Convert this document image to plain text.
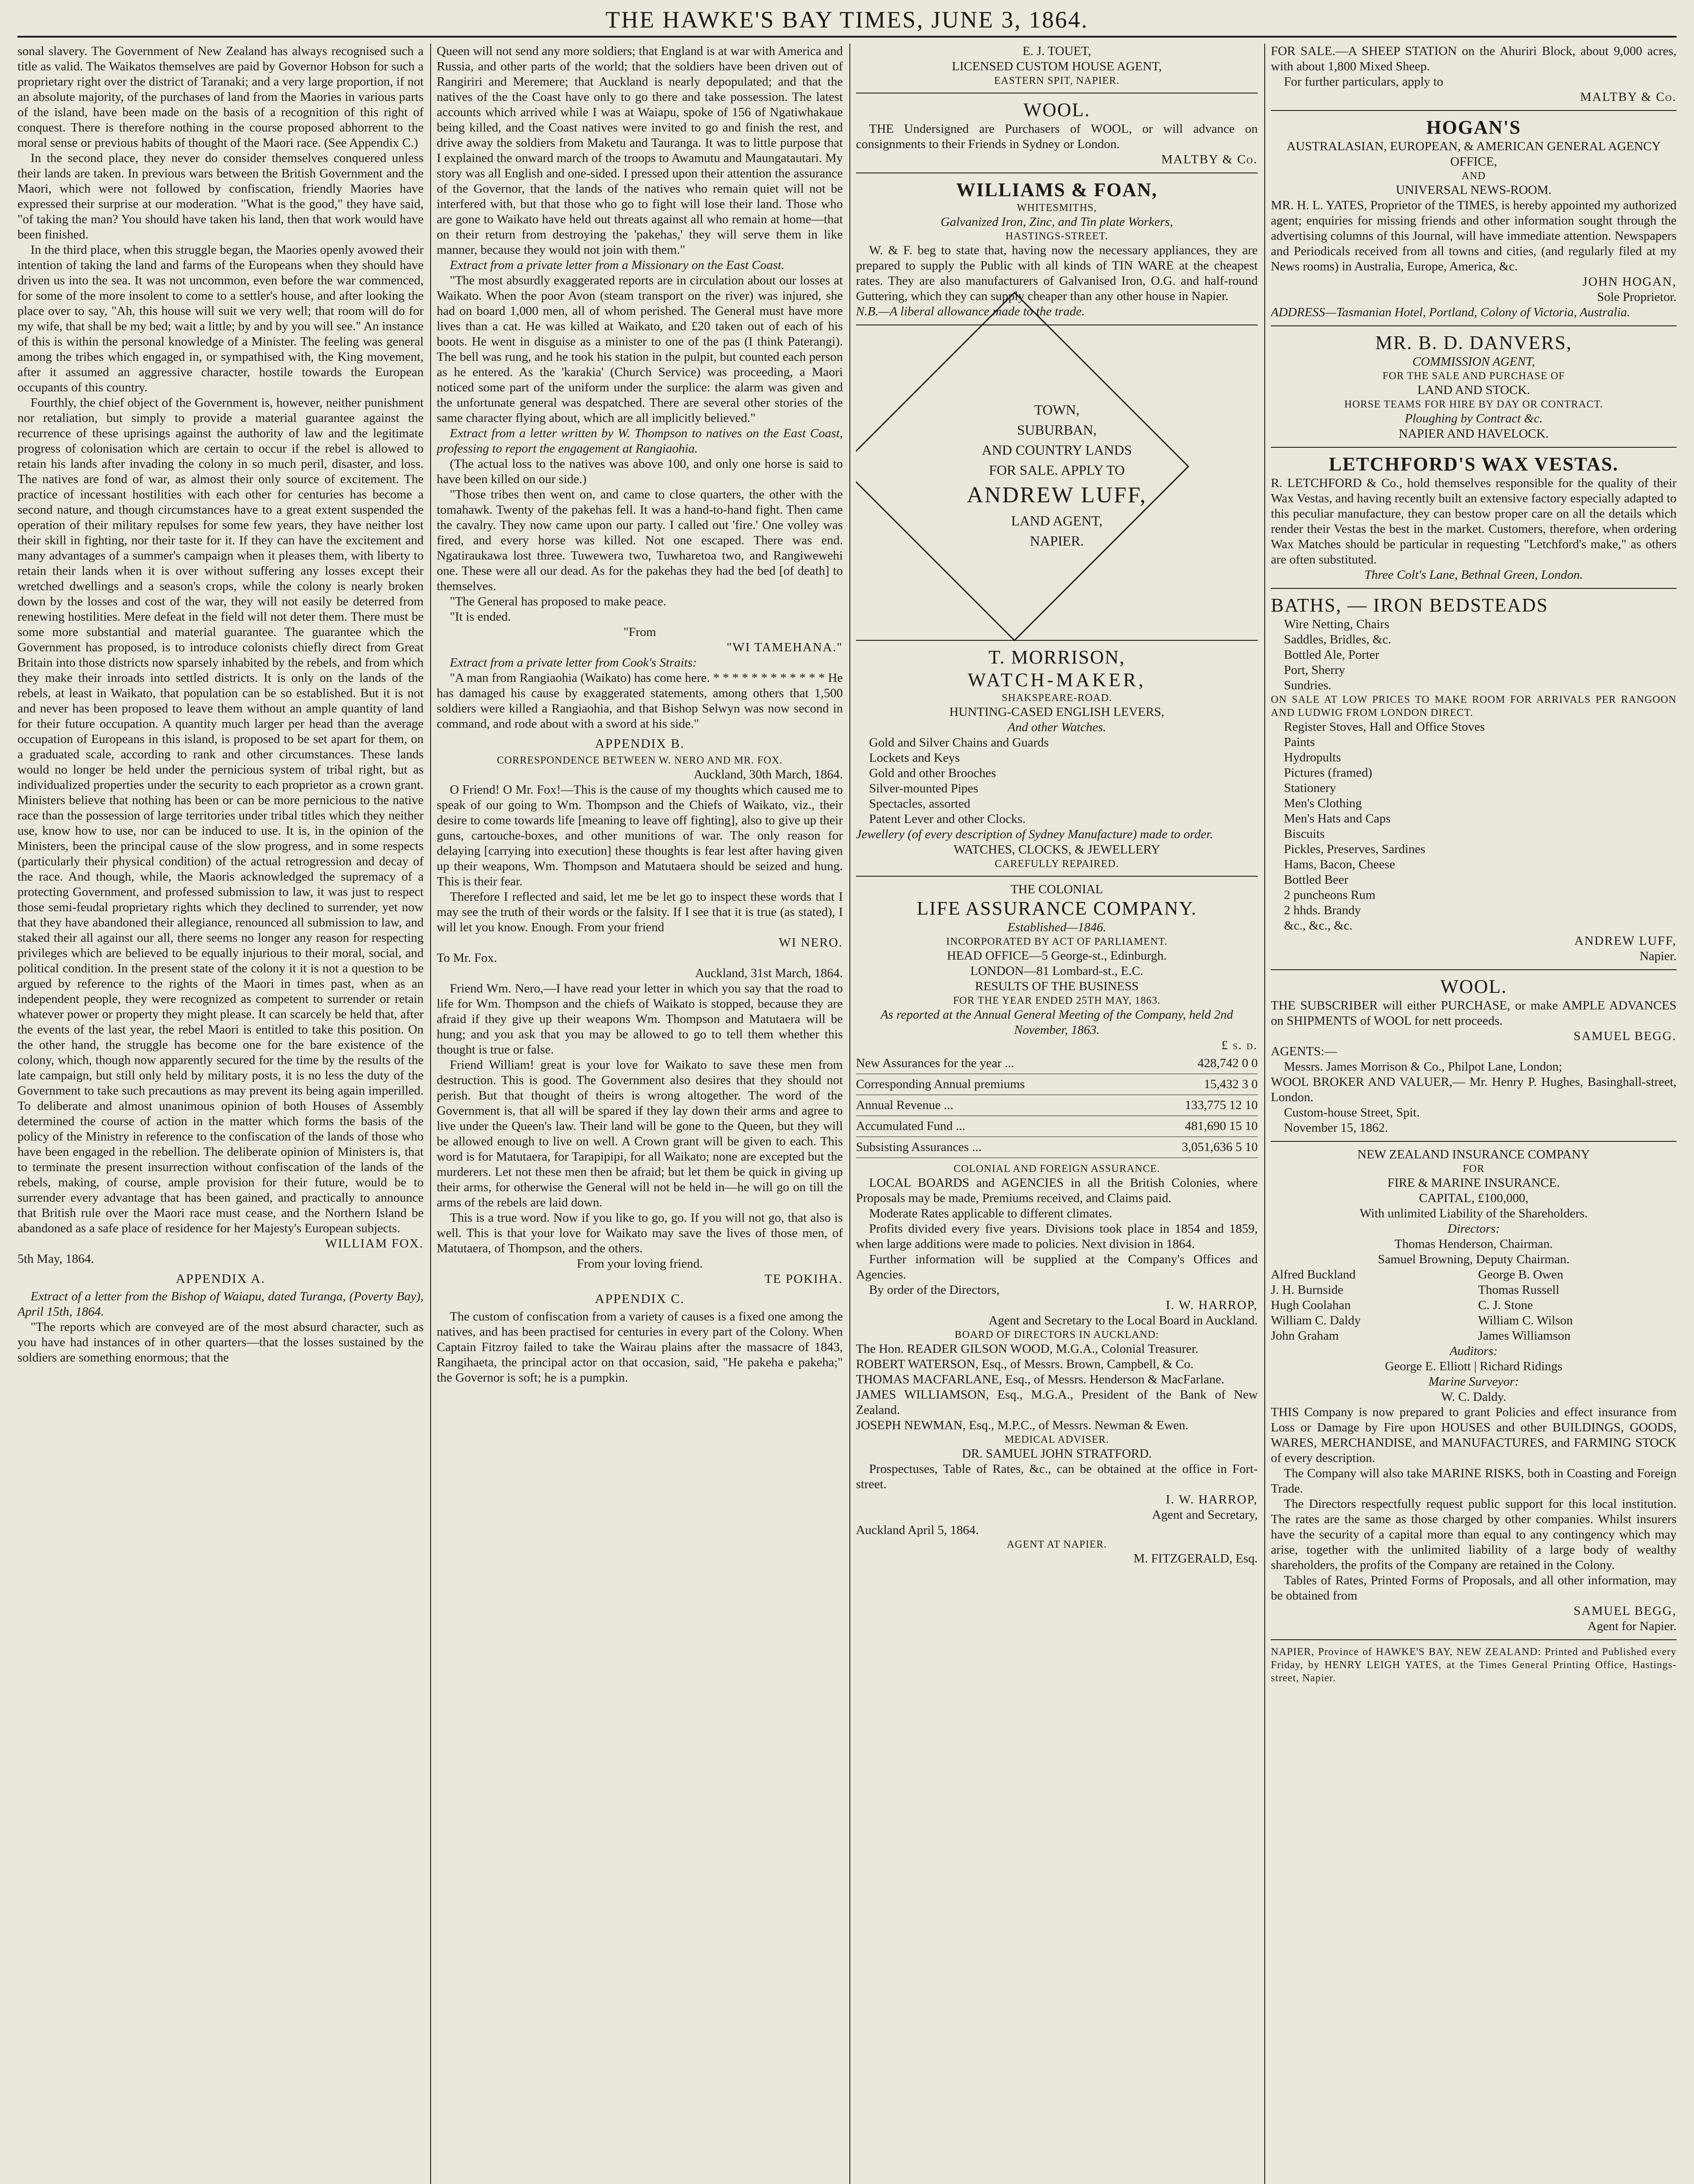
THE HAWKE'S BAY TIMES, JUNE 3, 1864.

sonal slavery. The Government of New Zealand has always recognised such a title as valid. The Waikatos themselves are paid by Governor Hobson for such a proprietary right over the district of Taranaki; and a very large proportion, if not an absolute majority, of the purchases of land from the Maories in various parts of the island, have been made on the basis of a recognition of this right of conquest. There is therefore nothing in the course proposed abhorrent to the moral sense or previous habits of thought of the Maori race. (See Appendix C.)

In the second place, they never do consider themselves conquered unless their lands are taken. In previous wars between the British Government and the Maori, which were not followed by confiscation, friendly Maories have expressed their surprise at our moderation. "What is the good," they have said, "of taking the man? You should have taken his land, then that work would have been finished.

In the third place, when this struggle began, the Maories openly avowed their intention of taking the land and farms of the Europeans when they should have driven us into the sea. It was not uncommon, even before the war commenced, for some of the more insolent to come to a settler's house, and after looking the place over to say, "Ah, this house will suit we very well; that room will do for my wife, that shall be my bed; wait a little; by and by you will see." An instance of this is within the personal knowledge of a Minister. The feeling was general among the tribes which engaged in, or sympathised with, the King movement, after it assumed an aggressive character, hostile towards the European occupants of this country.

Fourthly, the chief object of the Government is, however, neither punishment nor retaliation, but simply to provide a material guarantee against the recurrence of these uprisings against the authority of law and the legitimate progress of colonisation which are certain to occur if the rebel is allowed to retain his lands after invading the colony in so much peril, disaster, and loss. The natives are fond of war, as almost their only source of excitement. The practice of incessant hostilities with each other for centuries has become a second nature, and though circumstances have to a great extent suspended the operation of their military repulses for some few years, they have neither lost their skill in fighting, nor their taste for it. If they can have the excitement and many advantages of a summer's campaign when it pleases them, with liberty to retain their lands when it is over without suffering any losses except their wretched dwellings and a season's crops, while the colony is nearly broken down by the losses and cost of the war, they will not easily be deterred from renewing hostilities. Mere defeat in the field will not deter them. There must be some more substantial and material guarantee. The guarantee which the Government has proposed, is to introduce colonists chiefly direct from Great Britain into those districts now sparsely inhabited by the rebels, and from which they make their inroads into settled districts. It is only on the lands of the rebels, at least in Waikato, that population can be so established. But it is not and never has been proposed to leave them without an ample quantity of land for their future occupation. A quantity much larger per head than the average occupation of Europeans in this island, is proposed to be set apart for them, on a graduated scale, according to rank and other circumstances. These lands would no longer be held under the pernicious system of tribal right, but as individualized properties under the security to each proprietor as a crown grant. Ministers believe that nothing has been or can be more pernicious to the native race than the possession of large territories under tribal titles which they neither use, know how to use, nor can be induced to use. It is, in the opinion of the Ministers, been the principal cause of the slow progress, and in some respects (particularly their physical condition) of the actual retrogression and decay of the race. And though, while, the Maoris acknowledged the supremacy of a protecting Government, and professed submission to law, it was just to respect those semi-feudal proprietary rights which they declined to surrender, yet now that they have abandoned their allegiance, renounced all submission to law, and staked their all against our all, there seems no longer any reason for respecting privileges which are believed to be equally injurious to their moral, social, and political condition. In the present state of the colony it it is not a question to be argued by reference to the rights of the Maori in times past, when as an independent people, they were recognized as competent to surrender or retain whatever power or property they might please. It can scarcely be held that, after the events of the last year, the rebel Maori is entitled to take this position. On the other hand, the struggle has become one for the bare existence of the colony, which, though now apparently secured for the time by the results of the late campaign, but still only held by military posts, it is no less the duty of the Government to take such precautions as may prevent its being again imperilled. To deliberate and almost unanimous opinion of both Houses of Assembly determined the course of action in the matter which forms the basis of the policy of the Ministry in reference to the confiscation of the lands of those who have been engaged in the rebellion. The deliberate opinion of Ministers is, that to terminate the present insurrection without confiscation of the lands of the rebels, making, of course, ample provision for their future, would be to surrender every advantage that has been gained, and practically to announce that British rule over the Maori race must cease, and the Northern Island be abandoned as a safe place of residence for her Majesty's European subjects.

WILLIAM FOX.

5th May, 1864.

APPENDIX A.

Extract of a letter from the Bishop of Waiapu, dated Turanga, (Poverty Bay), April 15th, 1864.

"The reports which are conveyed are of the most absurd character, such as you have had instances of in other quarters—that the losses sustained by the soldiers are something enormous; that the

Queen will not send any more soldiers; that England is at war with America and Russia, and other parts of the world; that the soldiers have been driven out of Rangiriri and Meremere; that Auckland is nearly depopulated; and that the natives of the the Coast have only to go there and take possession. The latest accounts which arrived while I was at Waiapu, spoke of 156 of Ngatiwhakaue being killed, and the Coast natives were invited to go and finish the rest, and drive away the soldiers from Maketu and Tauranga. It was to little purpose that I explained the onward march of the troops to Awamutu and Maungatautari. My story was all English and one-sided. I pressed upon their attention the assurance of the Governor, that the lands of the natives who remain quiet will not be interfered with, but that those who go to fight will lose their land. Those who are gone to Waikato have held out threats against all who remain at home—that on their return from destroying the 'pakehas,' they will serve them in like manner, because they would not join with them."

Extract from a private letter from a Missionary on the East Coast.

"The most absurdly exaggerated reports are in circulation about our losses at Waikato. When the poor Avon (steam transport on the river) was injured, she had on board 1,000 men, all of whom perished. The General must have more lives than a cat. He was killed at Waikato, and £20 taken out of each of his boots. He went in disguise as a minister to one of the pas (I think Paterangi). The bell was rung, and he took his station in the pulpit, but counted each person as he entered. As the 'karakia' (Church Service) was proceeding, a Maori noticed some part of the uniform under the surplice: the alarm was given and the unfortunate general was despatched. There are several other stories of the same character flying about, which are all implicitly believed."

Extract from a letter written by W. Thompson to natives on the East Coast, professing to report the engagement at Rangiaohia.

(The actual loss to the natives was above 100, and only one horse is said to have been killed on our side.)

"Those tribes then went on, and came to close quarters, the other with the tomahawk. Twenty of the pakehas fell. It was a hand-to-hand fight. Then came the cavalry. They now came upon our party. I called out 'fire.' One volley was fired, and every horse was killed. Not one escaped. There was end. Ngatiraukawa lost three. Tuwewera two, Tuwharetoa two, and Rangiwewehi one. These were all our dead. As for the pakehas they had the bed [of death] to themselves.

"The General has proposed to make peace.

"It is ended.

"From
"WI TAMEHANA."

Extract from a private letter from Cook's Straits:

"A man from Rangiaohia (Waikato) has come here. * * * * * * * * * * * * He has damaged his cause by exaggerated statements, among others that 1,500 soldiers were killed a Rangiaohia, and that Bishop Selwyn was now second in command, and rode about with a sword at his side."

APPENDIX B.
CORRESPONDENCE BETWEEN W. NERO AND MR. FOX.
Auckland, 30th March, 1864.

O Friend! O Mr. Fox!—This is the cause of my thoughts which caused me to speak of our going to Wm. Thompson and the Chiefs of Waikato, viz., their desire to come towards life [meaning to leave off fighting], also to give up their guns, cartouche-boxes, and other munitions of war. The only reason for delaying [carrying into execution] these thoughts is fear lest after having given up their weapons, Wm. Thompson and Matutaera should be seized and hung. This is their fear.

Therefore I reflected and said, let me be let go to inspect these words that I may see the truth of their words or the falsity. If I see that it is true (as stated), I will let you know. Enough. From your friend

WI NERO.

To Mr. Fox.

Auckland, 31st March, 1864.

Friend Wm. Nero,—I have read your letter in which you say that the road to life for Wm. Thompson and the chiefs of Waikato is stopped, because they are afraid if they give up their weapons Wm. Thompson and Matutaera will be hung; and you ask that you may be allowed to go to tell them whether this thought is true or false.

Friend William! great is your love for Waikato to save these men from destruction. This is good. The Government also desires that they should not perish. But that thought of theirs is wrong altogether. The word of the Government is, that all will be spared if they lay down their arms and agree to live under the Queen's law. Their land will be gone to the Queen, but they will be allowed enough to live on well. A Crown grant will be given to each. This word is for Matutaera, for Tarapipipi, for all Waikato; none are excepted but the murderers. Let not these men then be afraid; but let them be quick in giving up their arms, for otherwise the General will not be held in—he will go on till the arms of the rebels are laid down.

This is a true word. Now if you like to go, go. If you will not go, that also is well. This is that your love for Waikato may save the lives of those men, of Matutaera, of Thompson, and the others.

From your loving friend.
TE POKIHA.
APPENDIX C.

The custom of confiscation from a variety of causes is a fixed one among the natives, and has been practised for centuries in every part of the Colony. When Captain Fitzroy failed to take the Wairau plains after the massacre of 1843, Rangihaeta, the principal actor on that occasion, said, "He pakeha e pakeha;" the Governor is soft; he is a pumpkin.

E. J. TOUET,
LICENSED CUSTOM HOUSE AGENT,
EASTERN SPIT, NAPIER.
WOOL.

THE Undersigned are Purchasers of WOOL, or will advance on consignments to their Friends in Sydney or London.

MALTBY & Co.
WILLIAMS & FOAN,
WHITESMITHS,
Galvanized Iron, Zinc, and Tin plate Workers,
HASTINGS-STREET.

W. & F. beg to state that, having now the necessary appliances, they are prepared to supply the Public with all kinds of TIN WARE at the cheapest rates. They are also manufacturers of Galvanised Iron, O.G. and half-round Guttering, which they can supply cheaper than any other house in Napier.

N.B.—A liberal allowance made to the trade.

TOWN,
SUBURBAN,
AND COUNTRY LANDS
FOR SALE. APPLY TO
ANDREW LUFF,
LAND AGENT,
NAPIER.
T. MORRISON,
WATCH-MAKER,
SHAKSPEARE-ROAD.
HUNTING-CASED ENGLISH LEVERS,
And other Watches.
Gold and Silver Chains and Guards
Lockets and Keys
Gold and other Brooches
Silver-mounted Pipes
Spectacles, assorted
Patent Lever and other Clocks.

Jewellery (of every description of Sydney Manufacture) made to order.

WATCHES, CLOCKS, & JEWELLERY
CAREFULLY REPAIRED.
THE COLONIAL
LIFE ASSURANCE COMPANY.
Established—1846.
INCORPORATED BY ACT OF PARLIAMENT.
HEAD OFFICE—5 George-st., Edinburgh.
LONDON—81 Lombard-st., E.C.
RESULTS OF THE BUSINESS
FOR THE YEAR ENDED 25TH MAY, 1863.

As reported at the Annual General Meeting of the Company, held 2nd November, 1863.

£ s. d.
New Assurances for the year ...	428,742 0 0
Corresponding Annual premiums	15,432 3 0
Annual Revenue ...	133,775 12 10
Accumulated Fund ...	481,690 15 10
Subsisting Assurances ...	3,051,636 5 10
COLONIAL AND FOREIGN ASSURANCE.

LOCAL BOARDS and AGENCIES in all the British Colonies, where Proposals may be made, Premiums received, and Claims paid.

Moderate Rates applicable to different climates.

Profits divided every five years. Divisions took place in 1854 and 1859, when large additions were made to policies. Next division in 1864.

Further information will be supplied at the Company's Offices and Agencies.

By order of the Directors,

I. W. HARROP,
Agent and Secretary to the Local Board in Auckland.
BOARD OF DIRECTORS IN AUCKLAND:

The Hon. READER GILSON WOOD, M.G.A., Colonial Treasurer.

ROBERT WATERSON, Esq., of Messrs. Brown, Campbell, & Co.

THOMAS MACFARLANE, Esq., of Messrs. Henderson & MacFarlane.

JAMES WILLIAMSON, Esq., M.G.A., President of the Bank of New Zealand.

JOSEPH NEWMAN, Esq., M.P.C., of Messrs. Newman & Ewen.

MEDICAL ADVISER.
DR. SAMUEL JOHN STRATFORD.

Prospectuses, Table of Rates, &c., can be obtained at the office in Fort-street.

I. W. HARROP,
Agent and Secretary,

Auckland April 5, 1864.

AGENT AT NAPIER.
M. FITZGERALD, Esq.

FOR SALE.—A SHEEP STATION on the Ahuriri Block, about 9,000 acres, with about 1,800 Mixed Sheep.

For further particulars, apply to

MALTBY & Co.
HOGAN'S
AUSTRALASIAN, EUROPEAN, & AMERICAN GENERAL AGENCY OFFICE,
AND
UNIVERSAL NEWS-ROOM.

MR. H. L. YATES, Proprietor of the TIMES, is hereby appointed my authorized agent; enquiries for missing friends and other information sought through the advertising columns of this Journal, will have immediate attention. Newspapers and Periodicals received from all towns and cities, (and regularly filed at my News rooms) in Australia, Europe, America, &c.

JOHN HOGAN,
Sole Proprietor.

ADDRESS—Tasmanian Hotel, Portland, Colony of Victoria, Australia.

MR. B. D. DANVERS,
COMMISSION AGENT,
FOR THE SALE AND PURCHASE OF
LAND AND STOCK.
HORSE TEAMS FOR HIRE BY DAY OR CONTRACT.
Ploughing by Contract &c.
NAPIER AND HAVELOCK.
LETCHFORD'S WAX VESTAS.

R. LETCHFORD & Co., hold themselves responsible for the quality of their Wax Vestas, and having recently built an extensive factory especially adapted to this peculiar manufacture, they can bestow proper care on all the details which render their Vestas the best in the market. Customers, therefore, when ordering Wax Matches should be particular in requesting "Letchford's make," as others are often substituted.

Three Colt's Lane, Bethnal Green, London.
BATHS, — IRON BEDSTEADS
Wire Netting, Chairs
Saddles, Bridles, &c.
Bottled Ale, Porter
Port, Sherry
Sundries.

ON SALE AT LOW PRICES TO MAKE ROOM FOR ARRIVALS PER RANGOON AND LUDWIG FROM LONDON DIRECT.

Register Stoves, Hall and Office Stoves
Paints
Hydropults
Pictures (framed)
Stationery
Men's Clothing
Men's Hats and Caps
Biscuits
Pickles, Preserves, Sardines
Hams, Bacon, Cheese
Bottled Beer
2 puncheons Rum
2 hhds. Brandy
&c., &c., &c.
ANDREW LUFF,
Napier.
WOOL.

THE SUBSCRIBER will either PURCHASE, or make AMPLE ADVANCES on SHIPMENTS of WOOL for nett proceeds.

SAMUEL BEGG.

AGENTS:—

Messrs. James Morrison & Co., Philpot Lane, London;

WOOL BROKER AND VALUER,— Mr. Henry P. Hughes, Basinghall-street, London.

Custom-house Street, Spit.

November 15, 1862.

NEW ZEALAND INSURANCE COMPANY
FOR
FIRE & MARINE INSURANCE.
CAPITAL, £100,000,
With unlimited Liability of the Shareholders.
Directors:
Thomas Henderson, Chairman.
Samuel Browning, Deputy Chairman.
Alfred Buckland	George B. Owen
J. H. Burnside	Thomas Russell
Hugh Coolahan	C. J. Stone
William C. Daldy	William C. Wilson
John Graham	James Williamson
Auditors:
George E. Elliott | Richard Ridings
Marine Surveyor:
W. C. Daldy.

THIS Company is now prepared to grant Policies and effect insurance from Loss or Damage by Fire upon HOUSES and other BUILDINGS, GOODS, WARES, MERCHANDISE, and MANUFACTURES, and FARMING STOCK of every description.

The Company will also take MARINE RISKS, both in Coasting and Foreign Trade.

The Directors respectfully request public support for this local institution. The rates are the same as those charged by other companies. Whilst insurers have the security of a capital more than equal to any contingency which may arise, together with the unlimited liability of a large body of wealthy shareholders, the profits of the Company are retained in the Colony.

Tables of Rates, Printed Forms of Proposals, and all other information, may be obtained from

SAMUEL BEGG,
Agent for Napier.

NAPIER, Province of HAWKE'S BAY, NEW ZEALAND: Printed and Published every Friday, by HENRY LEIGH YATES, at the Times General Printing Office, Hastings-street, Napier.
